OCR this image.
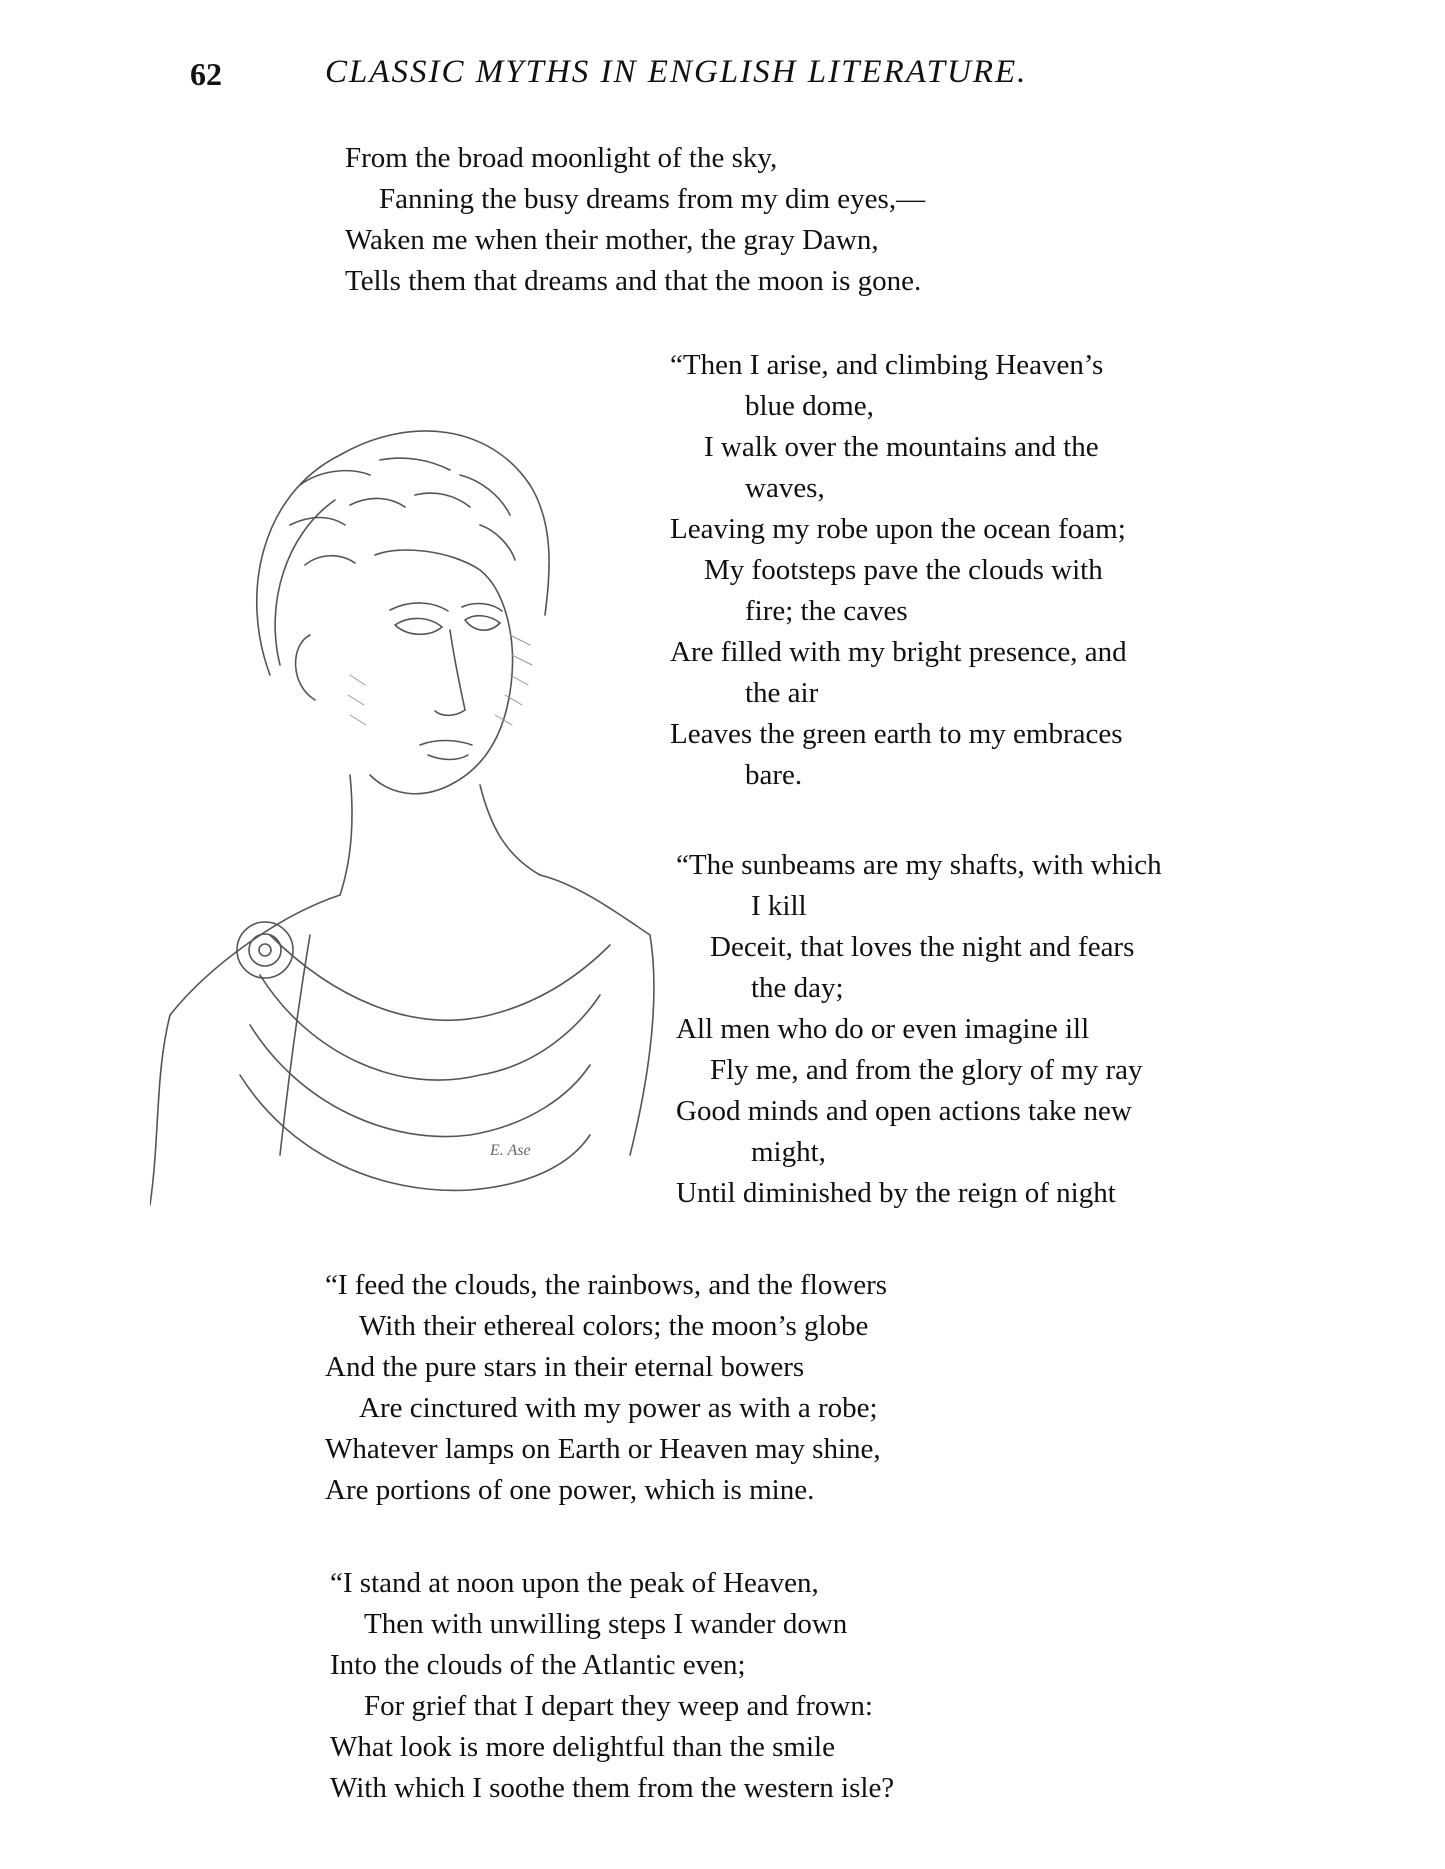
62	CLASSIC MYTHS IN ENGLISH LITERATURE.
From the broad moonlight of the sky,
Fanning the busy dreams from my dim eyes,—
Waken me when their mother, the gray Dawn,
Tells them that dreams and that the moon is gone.
E. Ase
“Then I arise, and climbing Heaven’s
blue dome,
I walk over the mountains and the
waves,
Leaving my robe upon the ocean foam;
My footsteps pave the clouds with
fire; the caves
Are filled with my bright presence, and
the air
Leaves the green earth to my embraces
bare.
“The sunbeams are my shafts, with which
I kill
Deceit, that loves the night and fears
the day;
All men who do or even imagine ill
Fly me, and from the glory of my ray
Good minds and open actions take new
might,
Until diminished by the reign of night
“I feed the clouds, the rainbows, and the flowers
With their ethereal colors; the moon’s globe
And the pure stars in their eternal bowers
Are cinctured with my power as with a robe;
Whatever lamps on Earth or Heaven may shine,
Are portions of one power, which is mine.
“I stand at noon upon the peak of Heaven,
Then with unwilling steps I wander down
Into the clouds of the Atlantic even;
For grief that I depart they weep and frown:
What look is more delightful than the smile
With which I soothe them from the western isle?
